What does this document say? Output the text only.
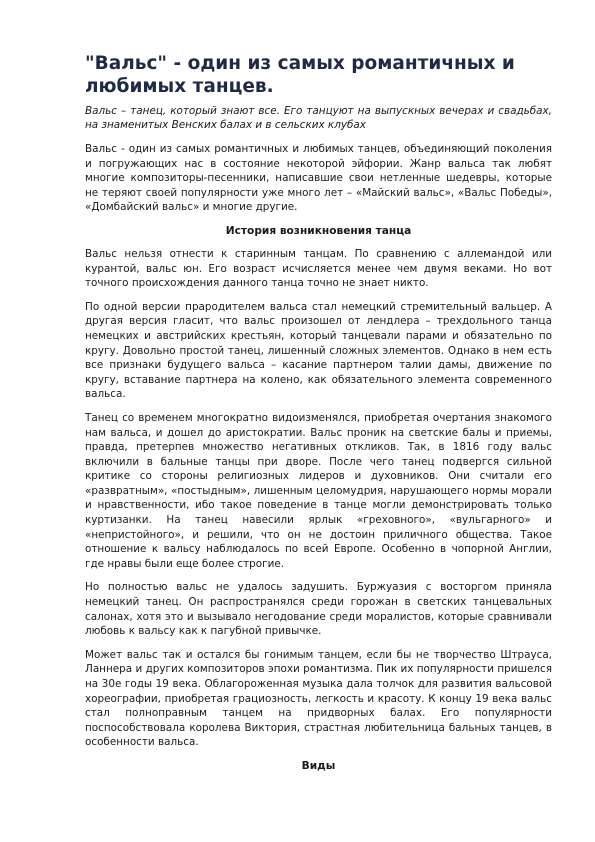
"Вальс" - один из самых романтичных и любимых танцев.

Вальс – танец, который знают все. Его танцуют на выпускных вечерах и свадьбах, на знаменитых Венских балах и в сельских клубах

Вальс - один из самых романтичных и любимых танцев, объединяющий поколения и погружающих нас в состояние некоторой эйфории. Жанр вальса так любят многие композиторы-песенники, написавшие свои нетленные шедевры, которые не теряют своей популярности уже много лет – «Майский вальс», «Вальс Победы», «Домбайский вальс» и многие другие.

История возникновения танца

Вальс нельзя отнести к старинным танцам. По сравнению с аллемандой или курантой, вальс юн. Его возраст исчисляется менее чем двумя веками. Но вот точного происхождения данного танца точно не знает никто.

По одной версии прародителем вальса стал немецкий стремительный вальцер. А другая версия гласит, что вальс произошел от лендлера – трехдольного танца немецких и австрийских крестьян, который танцевали парами и обязательно по кругу. Довольно простой танец, лишенный сложных элементов. Однако в нем есть все признаки будущего вальса – касание партнером талии дамы, движение по кругу, вставание партнера на колено, как обязательного элемента современного вальса.

Танец со временем многократно видоизменялся, приобретая очертания знакомого нам вальса, и дошел до аристократии. Вальс проник на светские балы и приемы, правда, претерпев множество негативных откликов. Так, в 1816 году вальс включили в бальные танцы при дворе. После чего танец подвергся сильной критике со стороны религиозных лидеров и духовников. Они считали его «развратным», «постыдным», лишенным целомудрия, нарушающего нормы морали и нравственности, ибо такое поведение в танце могли демонстрировать только куртизанки. На танец навесили ярлык «греховного», «вульгарного» и «непристойного», и решили, что он не достоин приличного общества. Такое отношение к вальсу наблюдалось по всей Европе. Особенно в чопорной Англии, где нравы были еще более строгие.

Но полностью вальс не удалось задушить. Буржуазия с восторгом приняла немецкий танец. Он распространялся среди горожан в светских танцевальных салонах, хотя это и вызывало негодование среди моралистов, которые сравнивали любовь к вальсу как к пагубной привычке.

Может вальс так и остался бы гонимым танцем, если бы не творчество Штрауса, Ланнера и других композиторов эпохи романтизма. Пик их популярности пришелся на 30е годы 19 века. Облагороженная музыка дала толчок для развития вальсовой хореографии, приобретая грациозность, легкость и красоту. К концу 19 века вальс стал полноправным танцем на придворных балах. Его популярности поспособствовала королева Виктория, страстная любительница бальных танцев, в особенности вальса.

Виды
